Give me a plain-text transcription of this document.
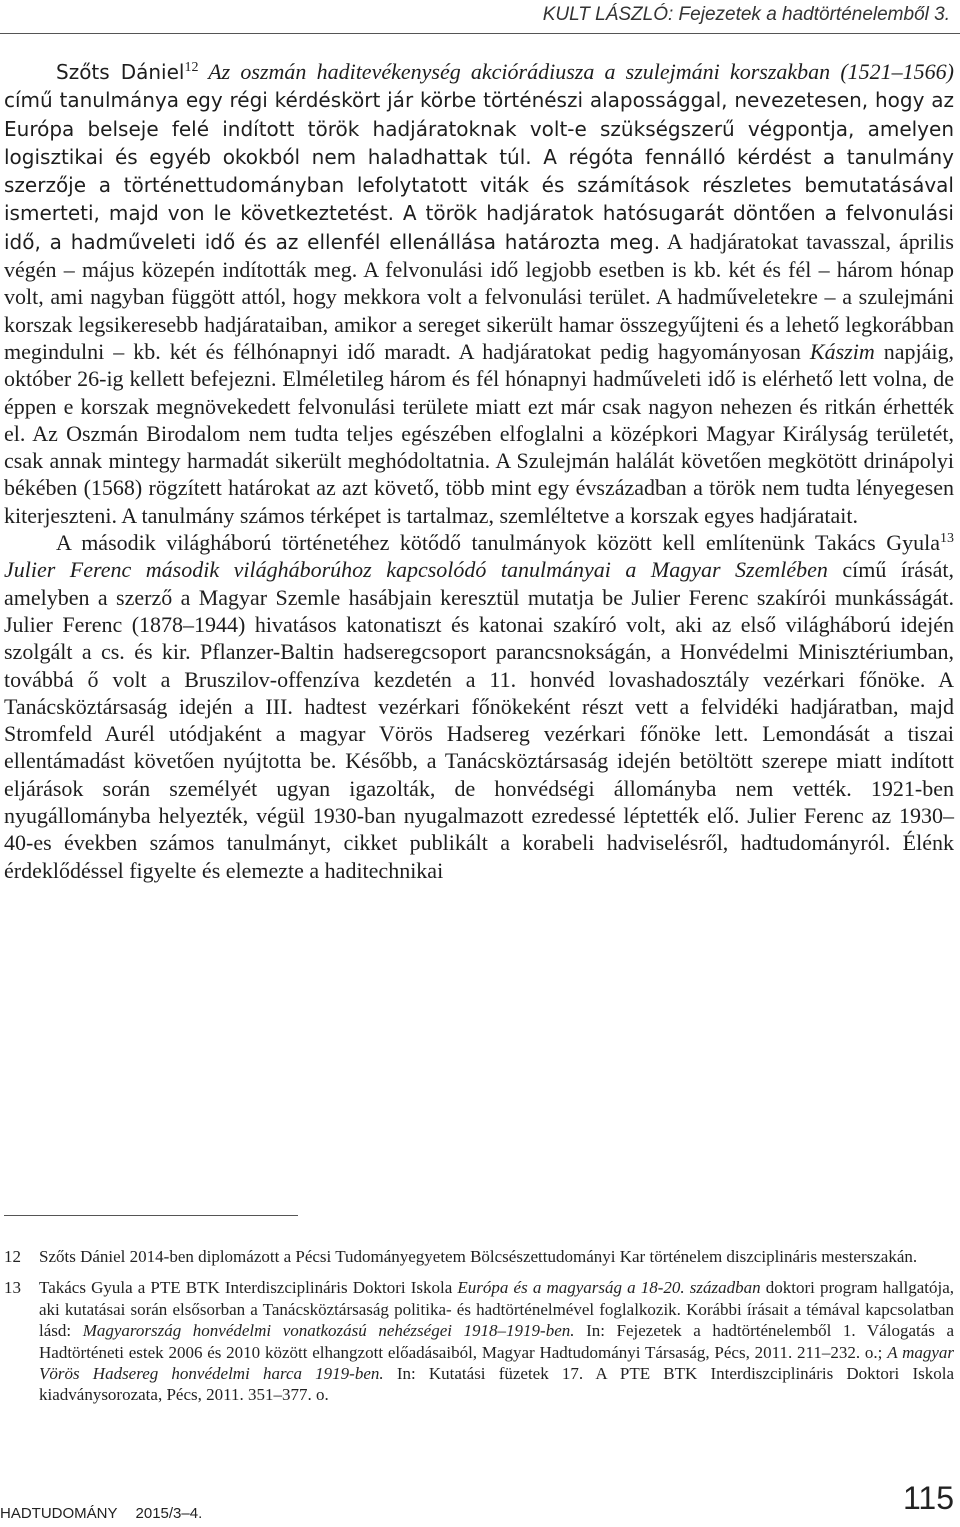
KULT LÁSZLÓ: Fejezetek a hadtörténelemből 3.

Szőts Dániel$^{12}$ Az oszmán haditevékenység akciórádiusza a szulejmáni korszakban (1521–1566) című tanulmánya egy régi kérdéskört jár körbe történészi alapossággal, nevezetesen, hogy az Európa belseje felé indított török hadjáratoknak volt-e szükségszerű végpontja, amelyen logisztikai és egyéb okokból nem haladhattak túl. A régóta fennálló kérdést a tanulmány szerzője a történettudományban lefolytatott viták és számítások részletes bemutatásával ismerteti, majd von le következtetést. A török hadjáratok hatósugarát döntően a felvonulási idő, a hadműveleti idő és az ellenfél ellenállása határozta meg. A hadjáratokat tavasszal, április végén – május közepén indították meg. A felvonulási idő legjobb esetben is kb. két és fél – három hónap volt, ami nagyban függött attól, hogy mekkora volt a felvonulási terület. A hadműveletekre – a szulejmáni korszak legsikeresebb hadjárataiban, amikor a sereget sikerült hamar összegyűjteni és a lehető legkorábban megindulni – kb. két és félhónapnyi idő maradt. A hadjáratokat pedig hagyományosan Kászim napjáig, október 26-ig kellett befejezni. Elméletileg három és fél hónapnyi hadműveleti idő is elérhető lett volna, de éppen e korszak megnövekedett felvonulási területe miatt ezt már csak nagyon nehezen és ritkán érhették el. Az Oszmán Birodalom nem tudta teljes egészében elfoglalni a középkori Magyar Királyság területét, csak annak mintegy harmadát sikerült meghódoltatnia. A Szulejmán halálát követően megkötött drinápolyi békében (1568) rögzített határokat az azt követő, több mint egy évszázadban a török nem tudta lényegesen kiterjeszteni. A tanulmány számos térképet is tartalmaz, szemléltetve a korszak egyes hadjáratait.

A második világháború történetéhez kötődő tanulmányok között kell említenünk Takács Gyula$^{13}$ Julier Ferenc második világháborúhoz kapcsolódó tanulmányai a Magyar Szemlében című írását, amelyben a szerző a Magyar Szemle hasábjain keresztül mutatja be Julier Ferenc szakírói munkásságát. Julier Ferenc (1878–1944) hivatásos katonatiszt és katonai szakíró volt, aki az első világháború idején szolgált a cs. és kir. Pflanzer-Baltin hadseregcsoport parancsnokságán, a Honvédelmi Minisztériumban, továbbá ő volt a Bruszilov-offenzíva kezdetén a 11. honvéd lovashadosztály vezérkari főnöke. A Tanácsköztársaság idején a III. hadtest vezérkari főnökeként részt vett a felvidéki hadjáratban, majd Stromfeld Aurél utódjaként a magyar Vörös Hadsereg vezérkari főnöke lett. Lemondását a tiszai ellentámadást követően nyújtotta be. Később, a Tanácsköztársaság idején betöltött szerepe miatt indított eljárások során személyét ugyan igazolták, de honvédségi állományba nem vették. 1921-ben nyugállományba helyezték, végül 1930-ban nyugalmazott ezredessé léptették elő. Julier Ferenc az 1930–40-es években számos tanulmányt, cikket publikált a korabeli hadviselésről, hadtudományról. Élénk érdeklődéssel figyelte és elemezte a haditechnikai

12 Szőts Dániel 2014-ben diplomázott a Pécsi Tudományegyetem Bölcsészettudományi Kar történelem diszciplináris mesterszakán.
13 Takács Gyula a PTE BTK Interdiszciplináris Doktori Iskola Európa és a magyarság a 18-20. században doktori program hallgatója, aki kutatásai során elsősorban a Tanácsköztársaság politika- és hadtörténelmével foglalkozik. Korábbi írásait a témával kapcsolatban lásd: Magyarország honvédelmi vonatkozású nehézségei 1918–1919-ben. In: Fejezetek a hadtörténelemből 1. Válogatás a Hadtörténeti estek 2006 és 2010 között elhangzott előadásaiból, Magyar Hadtudományi Társaság, Pécs, 2011. 211–232. o.; A magyar Vörös Hadsereg honvédelmi harca 1919-ben. In: Kutatási füzetek 17. A PTE BTK Interdiszciplináris Doktori Iskola kiadványsorozata, Pécs, 2011. 351–377. o.
HADTUDOMÁNY 2015/3–4.	115
